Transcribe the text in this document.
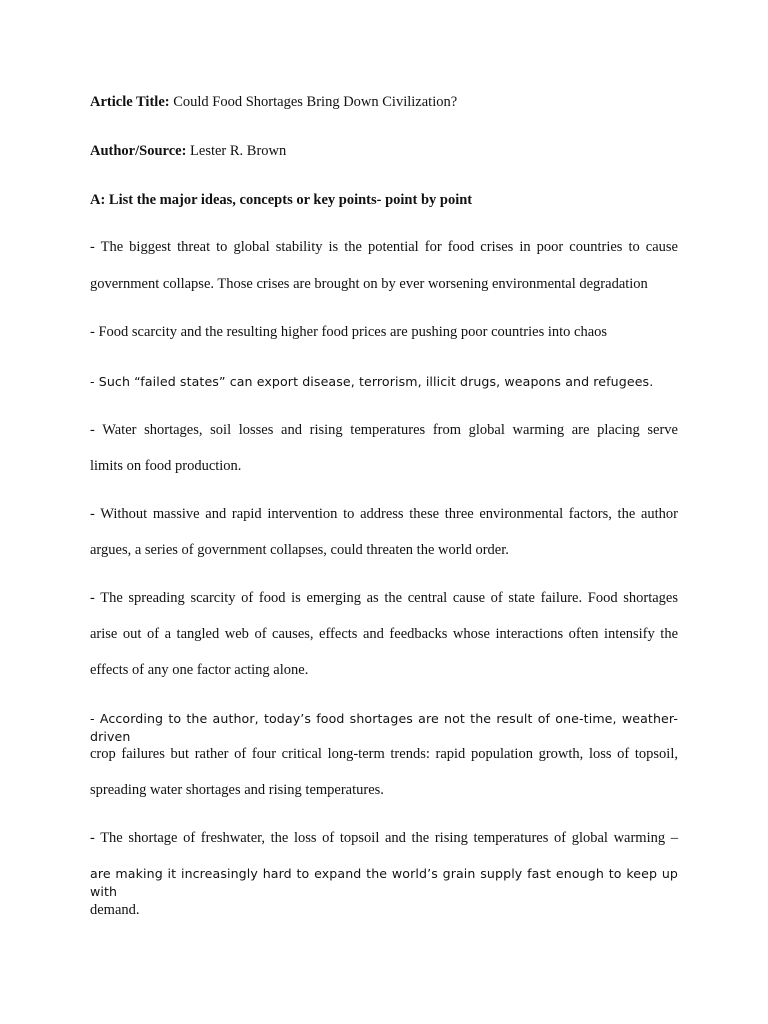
Article Title: Could Food Shortages Bring Down Civilization?
Author/Source: Lester R. Brown
A: List the major ideas, concepts or key points- point by point
- The biggest threat to global stability is the potential for food crises in poor countries to cause
government collapse. Those crises are brought on by ever worsening environmental degradation
- Food scarcity and the resulting higher food prices are pushing poor countries into chaos
- Such “failed states” can export disease, terrorism, illicit drugs, weapons and refugees.
- Water shortages, soil losses and rising temperatures from global warming are placing serve
limits on food production.
- Without massive and rapid intervention to address these three environmental factors, the author
argues, a series of government collapses, could threaten the world order.
- The spreading scarcity of food is emerging as the central cause of state failure. Food shortages
arise out of a tangled web of causes, effects and feedbacks whose interactions often intensify the
effects of any one factor acting alone.
- According to the author, today’s food shortages are not the result of one-time, weather-driven
crop failures but rather of four critical long-term trends: rapid population growth, loss of topsoil,
spreading water shortages and rising temperatures.
- The shortage of freshwater, the loss of topsoil and the rising temperatures of global warming –
are making it increasingly hard to expand the world’s grain supply fast enough to keep up with
demand.
